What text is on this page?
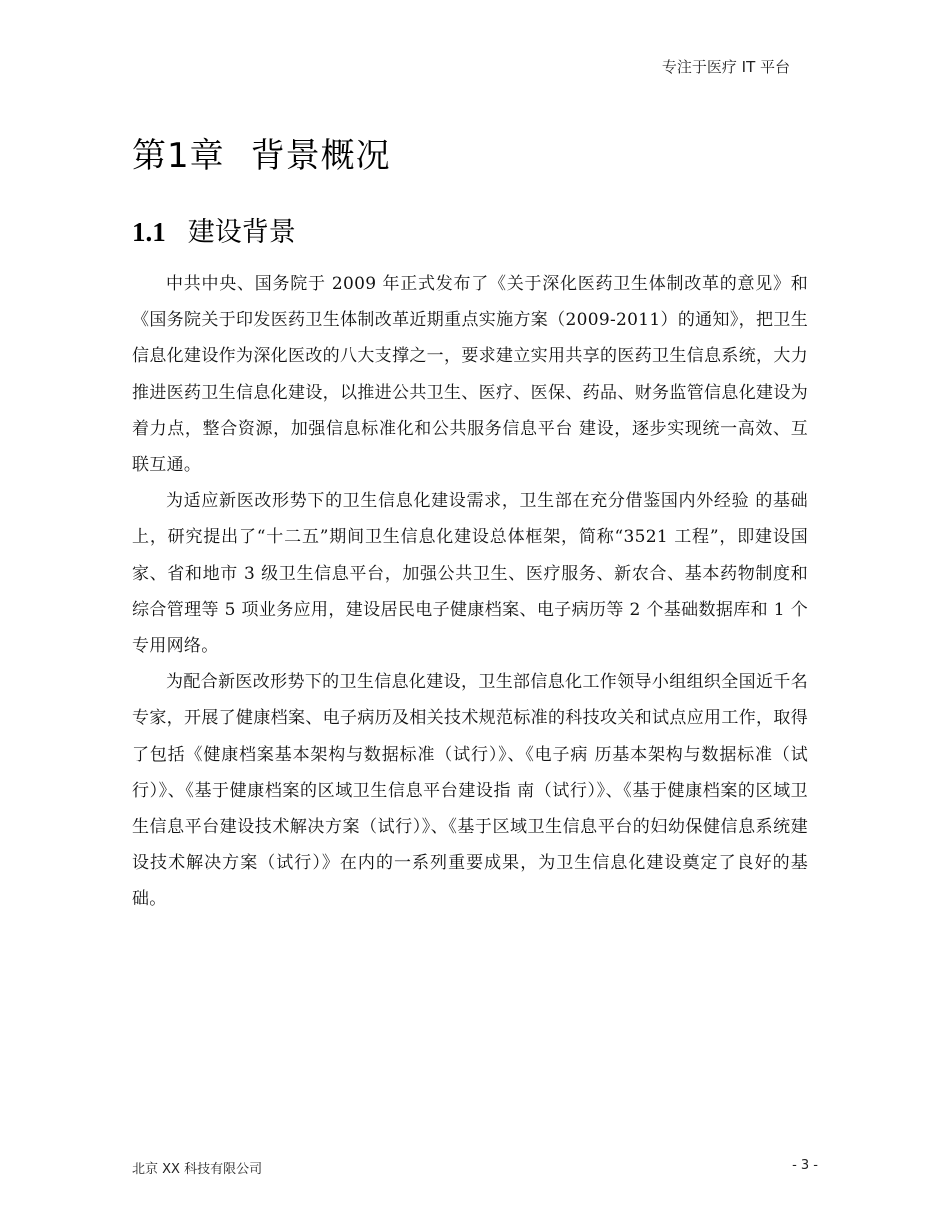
专注于医疗 IT 平台
第1章 背景概况
1.1 建设背景

中共中央、国务院于 2009 年正式发布了《关于深化医药卫生体制改革的意见》和《国务院关于印发医药卫生体制改革近期重点实施方案（2009-2011）的通知》，把卫生信息化建设作为深化医改的八大支撑之一，要求建立实用共享的医药卫生信息系统，大力推进医药卫生信息化建设，以推进公共卫生、医疗、医保、药品、财务监管信息化建设为着力点，整合资源，加强信息标准化和公共服务信息平台 建设，逐步实现统一高效、互联互通。

为适应新医改形势下的卫生信息化建设需求，卫生部在充分借鉴国内外经验 的基础上，研究提出了“十二五”期间卫生信息化建设总体框架，简称“3521 工程”，即建设国家、省和地市 3 级卫生信息平台，加强公共卫生、医疗服务、新农合、基本药物制度和综合管理等 5 项业务应用，建设居民电子健康档案、电子病历等 2 个基础数据库和 1 个专用网络。

为配合新医改形势下的卫生信息化建设，卫生部信息化工作领导小组组织全国近千名专家，开展了健康档案、电子病历及相关技术规范标准的科技攻关和试点应用工作，取得了包括《健康档案基本架构与数据标准（试行）》、《电子病 历基本架构与数据标准（试行）》、《基于健康档案的区域卫生信息平台建设指 南（试行）》、《基于健康档案的区域卫生信息平台建设技术解决方案（试行）》、《基于区域卫生信息平台的妇幼保健信息系统建设技术解决方案（试行）》在内的一系列重要成果，为卫生信息化建设奠定了良好的基础。

北京 XX 科技有限公司	- 3 -
